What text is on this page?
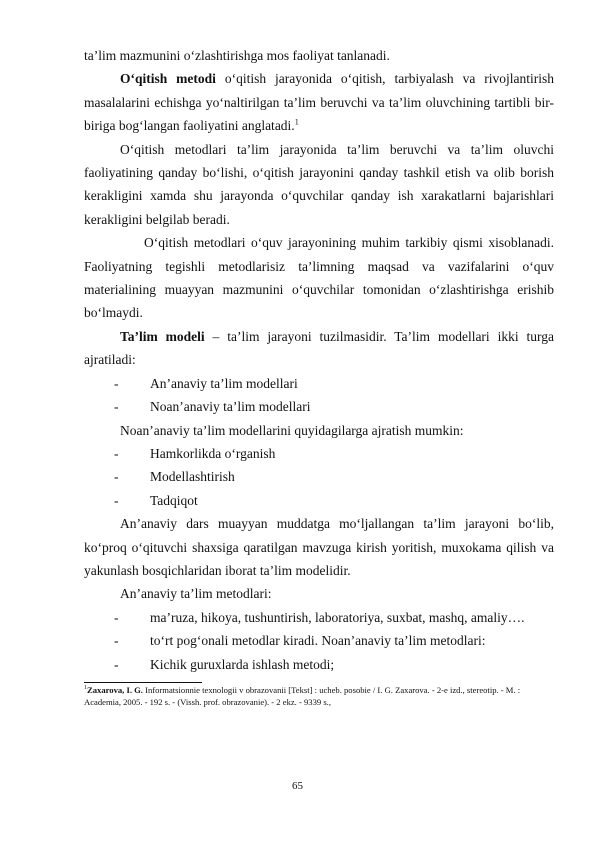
ta’lim mazmunini o‘zlashtirishga mos faoliyat tanlanadi.

O‘qitish metodi o‘qitish jarayonida o‘qitish, tarbiyalash va rivojlantirish masalalarini echishga yo‘naltirilgan ta’lim beruvchi va ta’lim oluvchining tartibli bir-biriga bog‘langan faoliyatini anglatadi.$^1$

O‘qitish metodlari ta’lim jarayonida ta’lim beruvchi va ta’lim oluvchi faoliyatining qanday bo‘lishi, o‘qitish jarayonini qanday tashkil etish va olib borish kerakligini xamda shu jarayonda o‘quvchilar qanday ish xarakatlarni bajarishlari kerakligini belgilab beradi.

O‘qitish metodlari o‘quv jarayonining muhim tarkibiy qismi xisoblanadi. Faoliyatning tegishli metodlarisiz ta’limning maqsad va vazifalarini o‘quv materialining muayyan mazmunini o‘quvchilar tomonidan o‘zlashtirishga erishib bo‘lmaydi.

Ta’lim modeli – ta’lim jarayoni tuzilmasidir. Ta’lim modellari ikki turga ajratiladi:

-	An’anaviy ta’lim modellari
-	Noan’anaviy ta’lim modellari

Noan’anaviy ta’lim modellarini quyidagilarga ajratish mumkin:

-	Hamkorlikda o‘rganish
-	Modellashtirish
-	Tadqiqot

An’anaviy dars muayyan muddatga mo‘ljallangan ta’lim jarayoni bo‘lib, ko‘proq o‘qituvchi shaxsiga qaratilgan mavzuga kirish yoritish, muxokama qilish va yakunlash bosqichlaridan iborat ta’lim modelidir.

An’anaviy ta’lim metodlari:

-	ma’ruza, hikoya, tushuntirish, laboratoriya, suxbat, mashq, amaliy….
-	to‘rt pog‘onali metodlar kiradi. Noan’anaviy ta’lim metodlari:
-	Kichik guruxlarda ishlash metodi;

$^1$Zaxarova, I. G. Informatsionnie texnologii v obrazovanii [Tekst] : ucheb. posobie / I. G. Zaxarova. - 2-e izd., stereotip. - M. : Academia, 2005. - 192 s. - (Vissh. prof. obrazovanie). - 2 ekz. - 9339 s.,

65
